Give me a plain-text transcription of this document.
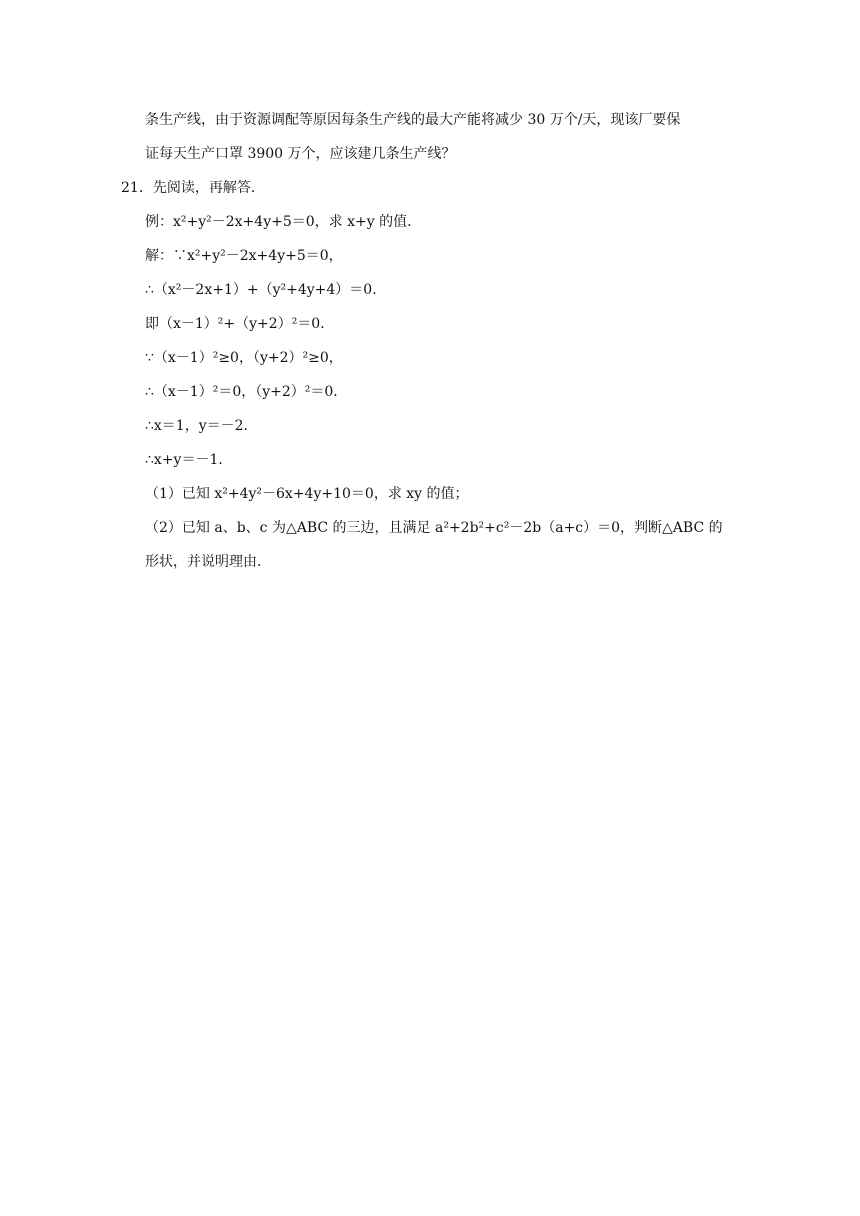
条生产线，由于资源调配等原因每条生产线的最大产能将减少 30 万个/天，现该厂要保
证每天生产口罩 3900 万个，应该建几条生产线？
21．先阅读，再解答．
例：x²+y²－2x+4y+5＝0，求 x+y 的值．
解：∵x²+y²－2x+4y+5＝0，
∴（x²－2x+1）+（y²+4y+4）＝0．
即（x－1）²+（y+2）²＝0．
∵（x－1）²≥0，（y+2）²≥0，
∴（x－1）²＝0，（y+2）²＝0．
∴x＝1，y＝－2．
∴x+y＝－1．
（1）已知 x²+4y²－6x+4y+10＝0，求 xy 的值；
（2）已知 a、b、c 为△ABC 的三边，且满足 a²+2b²+c²－2b（a+c）＝0，判断△ABC 的
形状，并说明理由．
